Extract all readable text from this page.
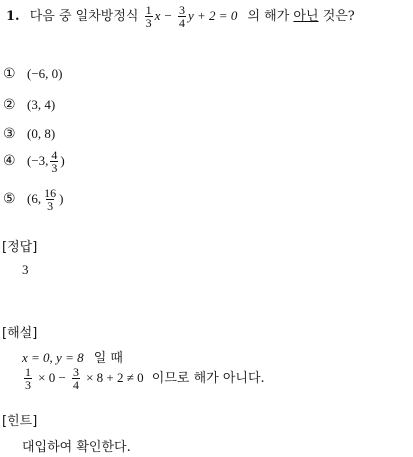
1. 다음 중 일차방정식 $\frac{1}{3}$ $x - \frac{3}{4}$ y + 2 = 0 의 해가 아닌 것은?
① (−6, 0)
② (3, 4)
③ (0, 8)
④ (−3, $\frac{4}{3}$ )
⑤ (6, $\frac{16}{3}$ )
[정답]
3
[해설]
x = 0, y = 8 일 때
$\frac{1}{3} \times 0 - \frac{3}{4} \times 8 + 2 \ne 0$ 이므로 해가 아니다.
[힌트]
대입하여 확인한다.
